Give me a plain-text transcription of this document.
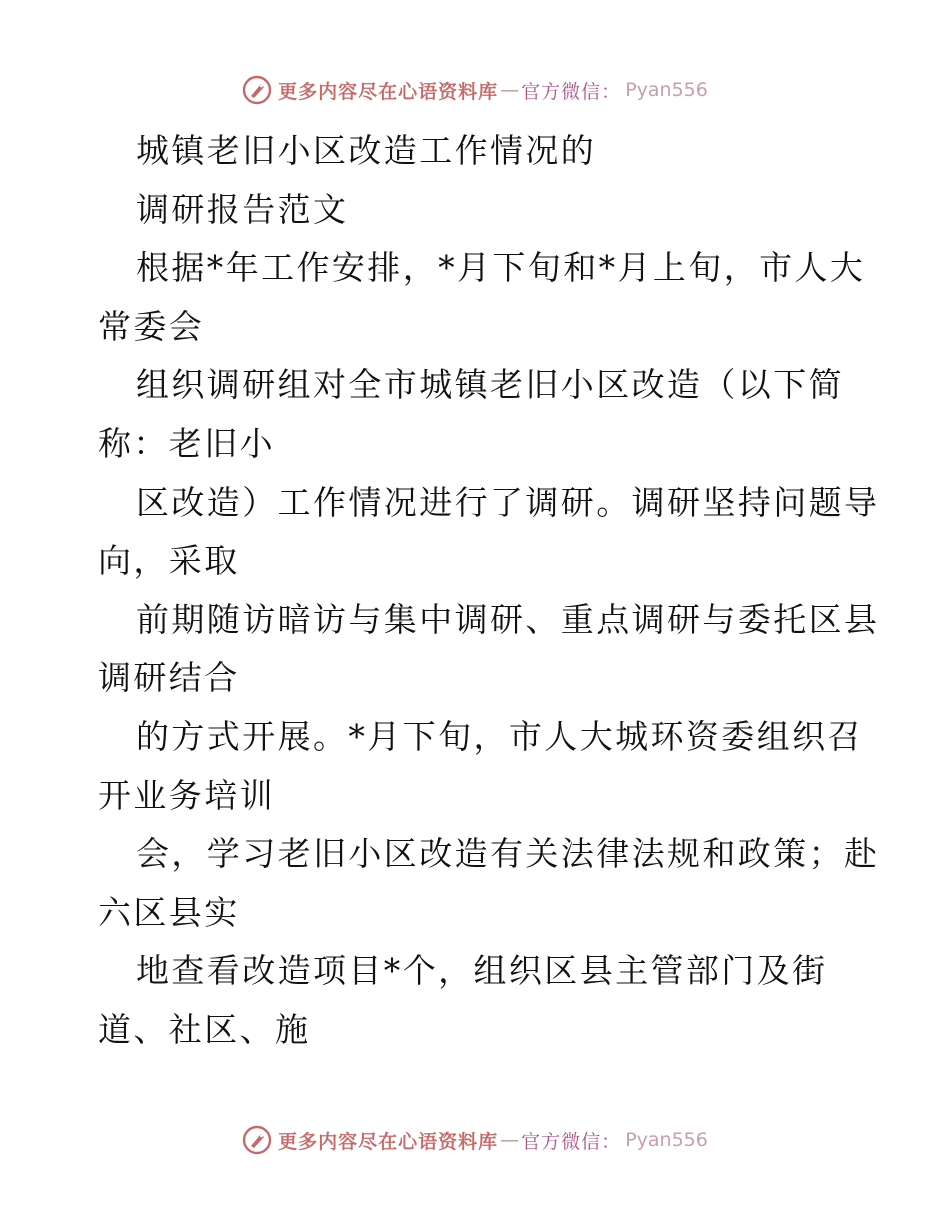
更多内容尽在心语资料库 — 官方微信： Pyan556
城镇老旧小区改造工作情况的
调研报告范文
根据*年工作安排，*月下旬和*月上旬，市人大
常委会
组织调研组对全市城镇老旧小区改造（以下简
称：老旧小
区改造）工作情况进行了调研。调研坚持问题导
向，采取
前期随访暗访与集中调研、重点调研与委托区县
调研结合
的方式开展。*月下旬，市人大城环资委组织召
开业务培训
会，学习老旧小区改造有关法律法规和政策；赴
六区县实
地查看改造项目*个，组织区县主管部门及街
道、社区、施
更多内容尽在心语资料库 — 官方微信： Pyan556
